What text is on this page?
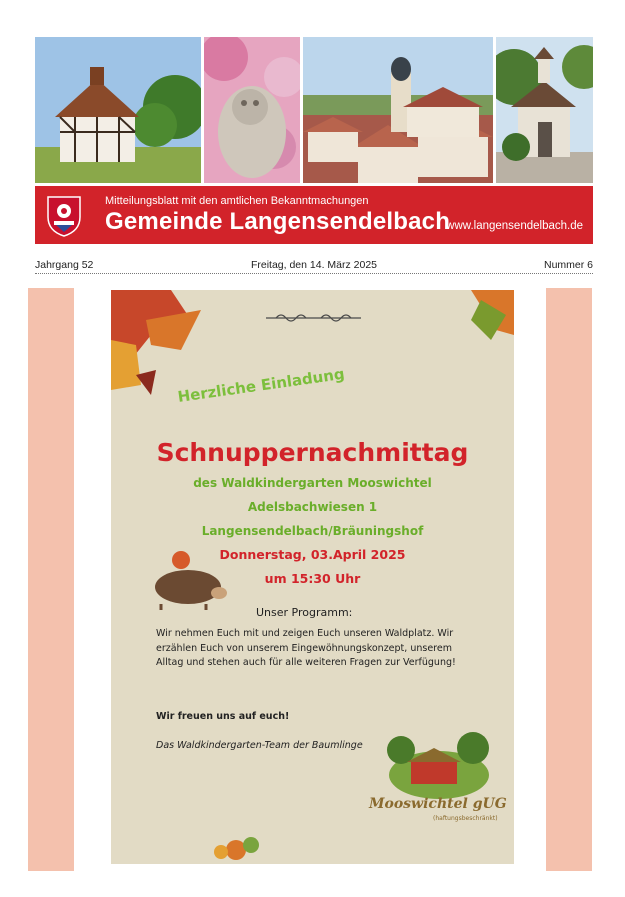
Mitteilungsblatt mit den amtlichen Bekanntmachungen
Gemeinde Langensendelbach
www.langensendelbach.de
Jahrgang 52	Freitag, den 14. März 2025	Nummer 6
Herzliche Einladung
Schnuppernachmittag
des Waldkindergarten Mooswichtel
Adelsbachwiesen 1
Langensendelbach/Bräuningshof
Donnerstag, 03.April 2025
um 15:30 Uhr
Unser Programm:
Wir nehmen Euch mit und zeigen Euch unseren Waldplatz. Wir erzählen Euch von unserem Eingewöhnungskonzept, unserem Alltag und stehen auch für alle weiteren Fragen zur Verfügung!
Wir freuen uns auf euch!
Das Waldkindergarten-Team der Baumlinge
Mooswichtel gUG
(haftungsbeschränkt)
